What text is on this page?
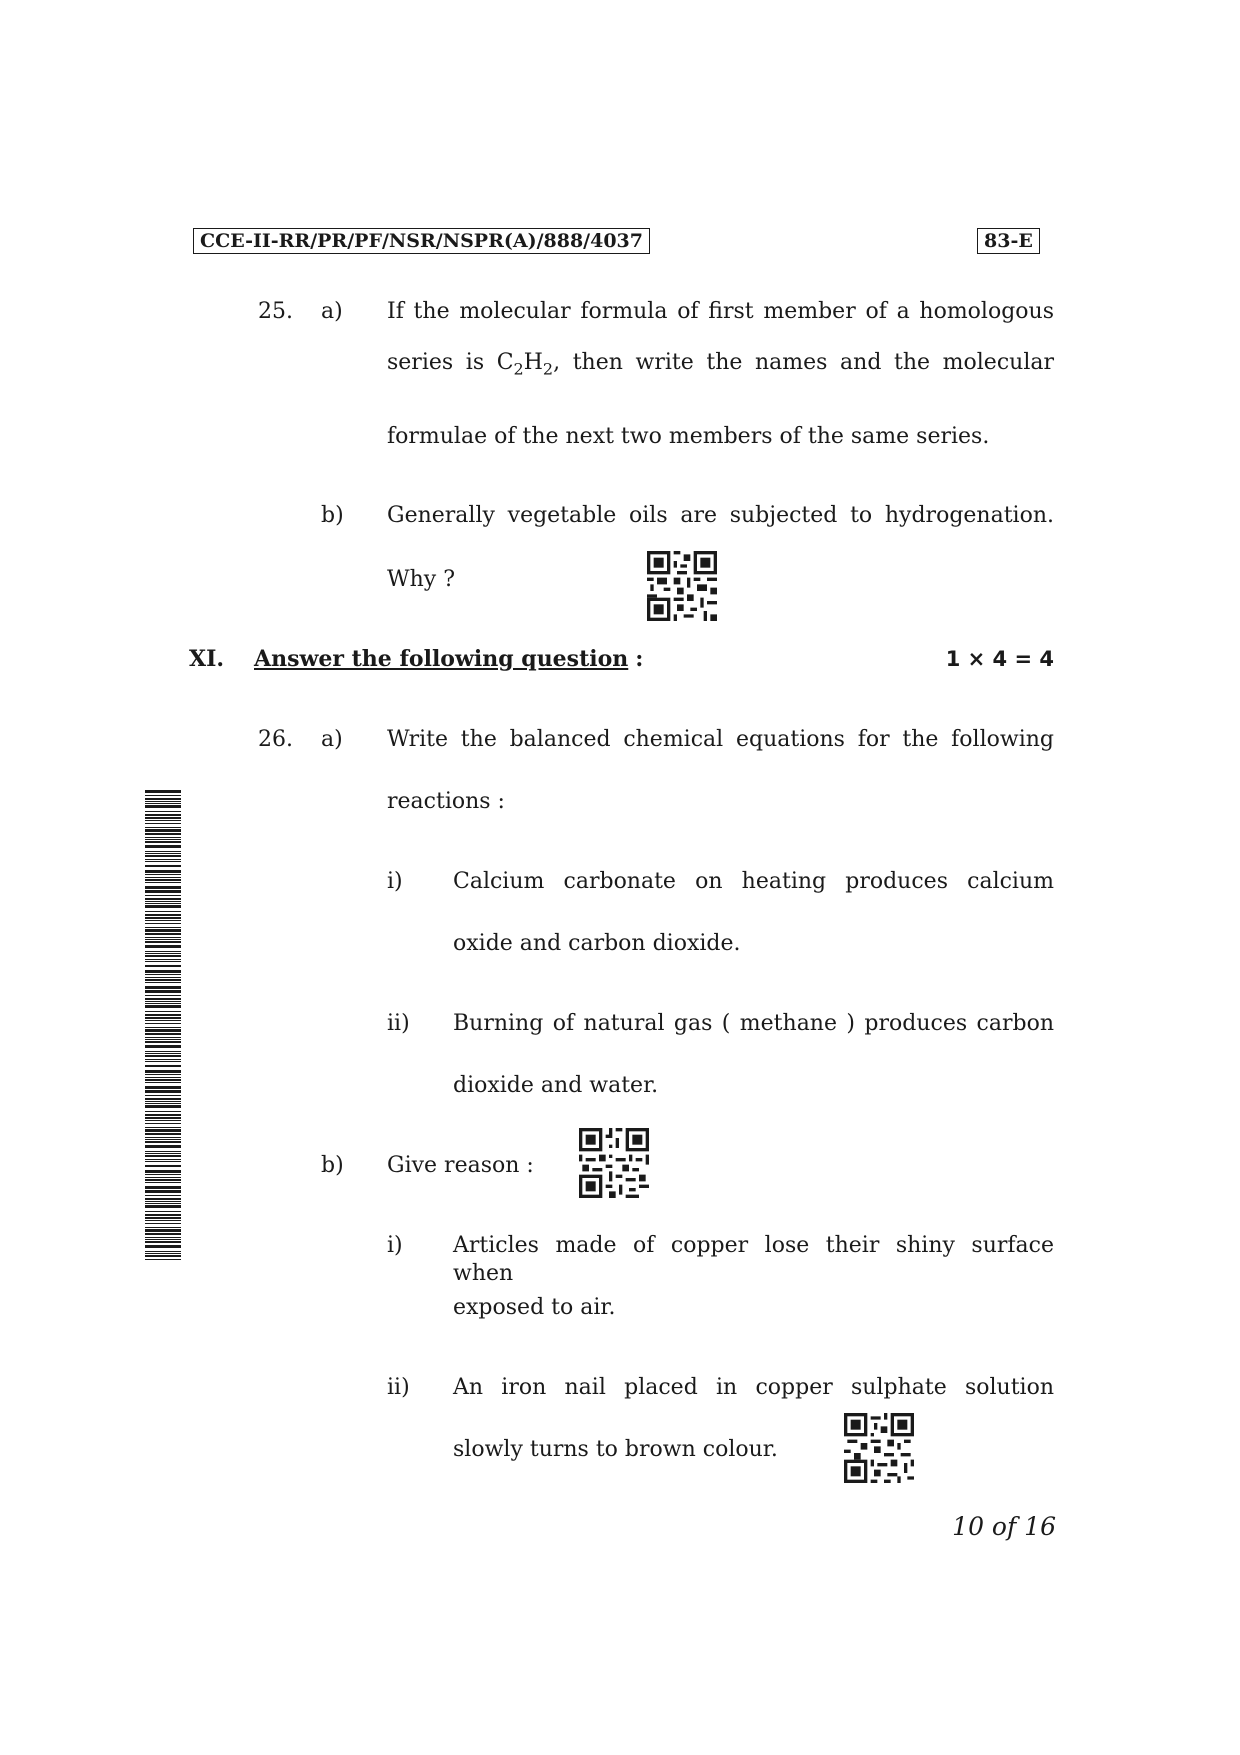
CCE-II-RR/PR/PF/NSR/NSPR(A)/888/4037	83-E
25. a) If the molecular formula of first member of a homologous
series is $C_2H_2$, then write the names and the molecular
formulae of the next two members of the same series.
b) Generally vegetable oils are subjected to hydrogenation.
Why ?
XI. Answer the following question :	1 × 4 = 4
26. a) Write the balanced chemical equations for the following
reactions :
i) Calcium carbonate on heating produces calcium
oxide and carbon dioxide.
ii) Burning of natural gas ( methane ) produces carbon
dioxide and water.
b) Give reason :
i) Articles made of copper lose their shiny surface when
exposed to air.
ii) An iron nail placed in copper sulphate solution
slowly turns to brown colour.
10 of 16
